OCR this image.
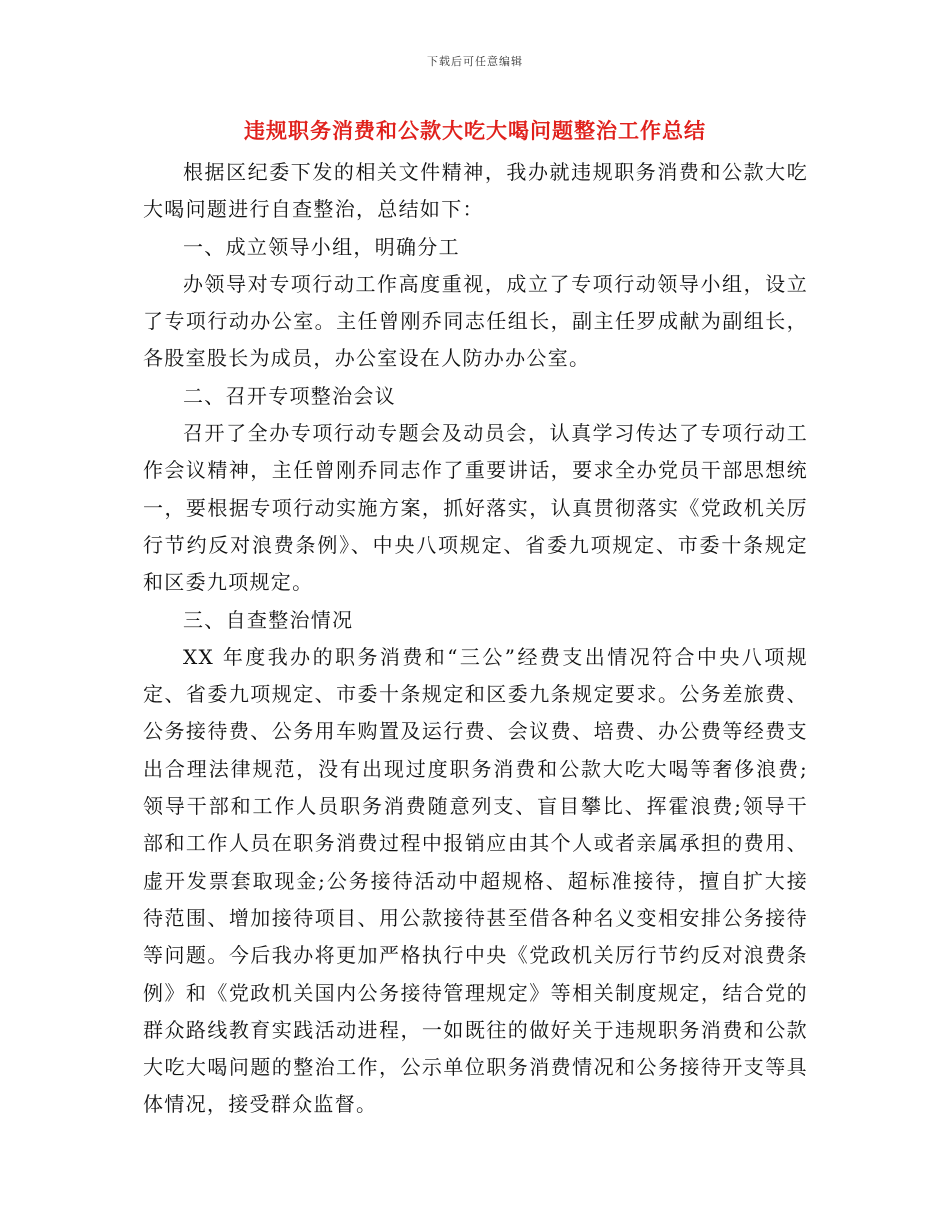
下载后可任意编辑
违规职务消费和公款大吃大喝问题整治工作总结

根据区纪委下发的相关文件精神，我办就违规职务消费和公款大吃大喝问题进行自查整治，总结如下：

一、成立领导小组，明确分工

办领导对专项行动工作高度重视，成立了专项行动领导小组，设立了专项行动办公室。主任曾刚乔同志任组长，副主任罗成献为副组长，各股室股长为成员，办公室设在人防办办公室。

二、召开专项整治会议

召开了全办专项行动专题会及动员会，认真学习传达了专项行动工作会议精神，主任曾刚乔同志作了重要讲话，要求全办党员干部思想统一，要根据专项行动实施方案，抓好落实，认真贯彻落实《党政机关厉行节约反对浪费条例》、中央八项规定、省委九项规定、市委十条规定和区委九项规定。

三、自查整治情况

XX 年度我办的职务消费和“三公”经费支出情况符合中央八项规定、省委九项规定、市委十条规定和区委九条规定要求。公务差旅费、公务接待费、公务用车购置及运行费、会议费、培费、办公费等经费支出合理法律规范，没有出现过度职务消费和公款大吃大喝等奢侈浪费;领导干部和工作人员职务消费随意列支、盲目攀比、挥霍浪费;领导干部和工作人员在职务消费过程中报销应由其个人或者亲属承担的费用、虚开发票套取现金;公务接待活动中超规格、超标准接待，擅自扩大接待范围、增加接待项目、用公款接待甚至借各种名义变相安排公务接待等问题。今后我办将更加严格执行中央《党政机关厉行节约反对浪费条例》和《党政机关国内公务接待管理规定》等相关制度规定，结合党的群众路线教育实践活动进程，一如既往的做好关于违规职务消费和公款大吃大喝问题的整治工作，公示单位职务消费情况和公务接待开支等具体情况，接受群众监督。
